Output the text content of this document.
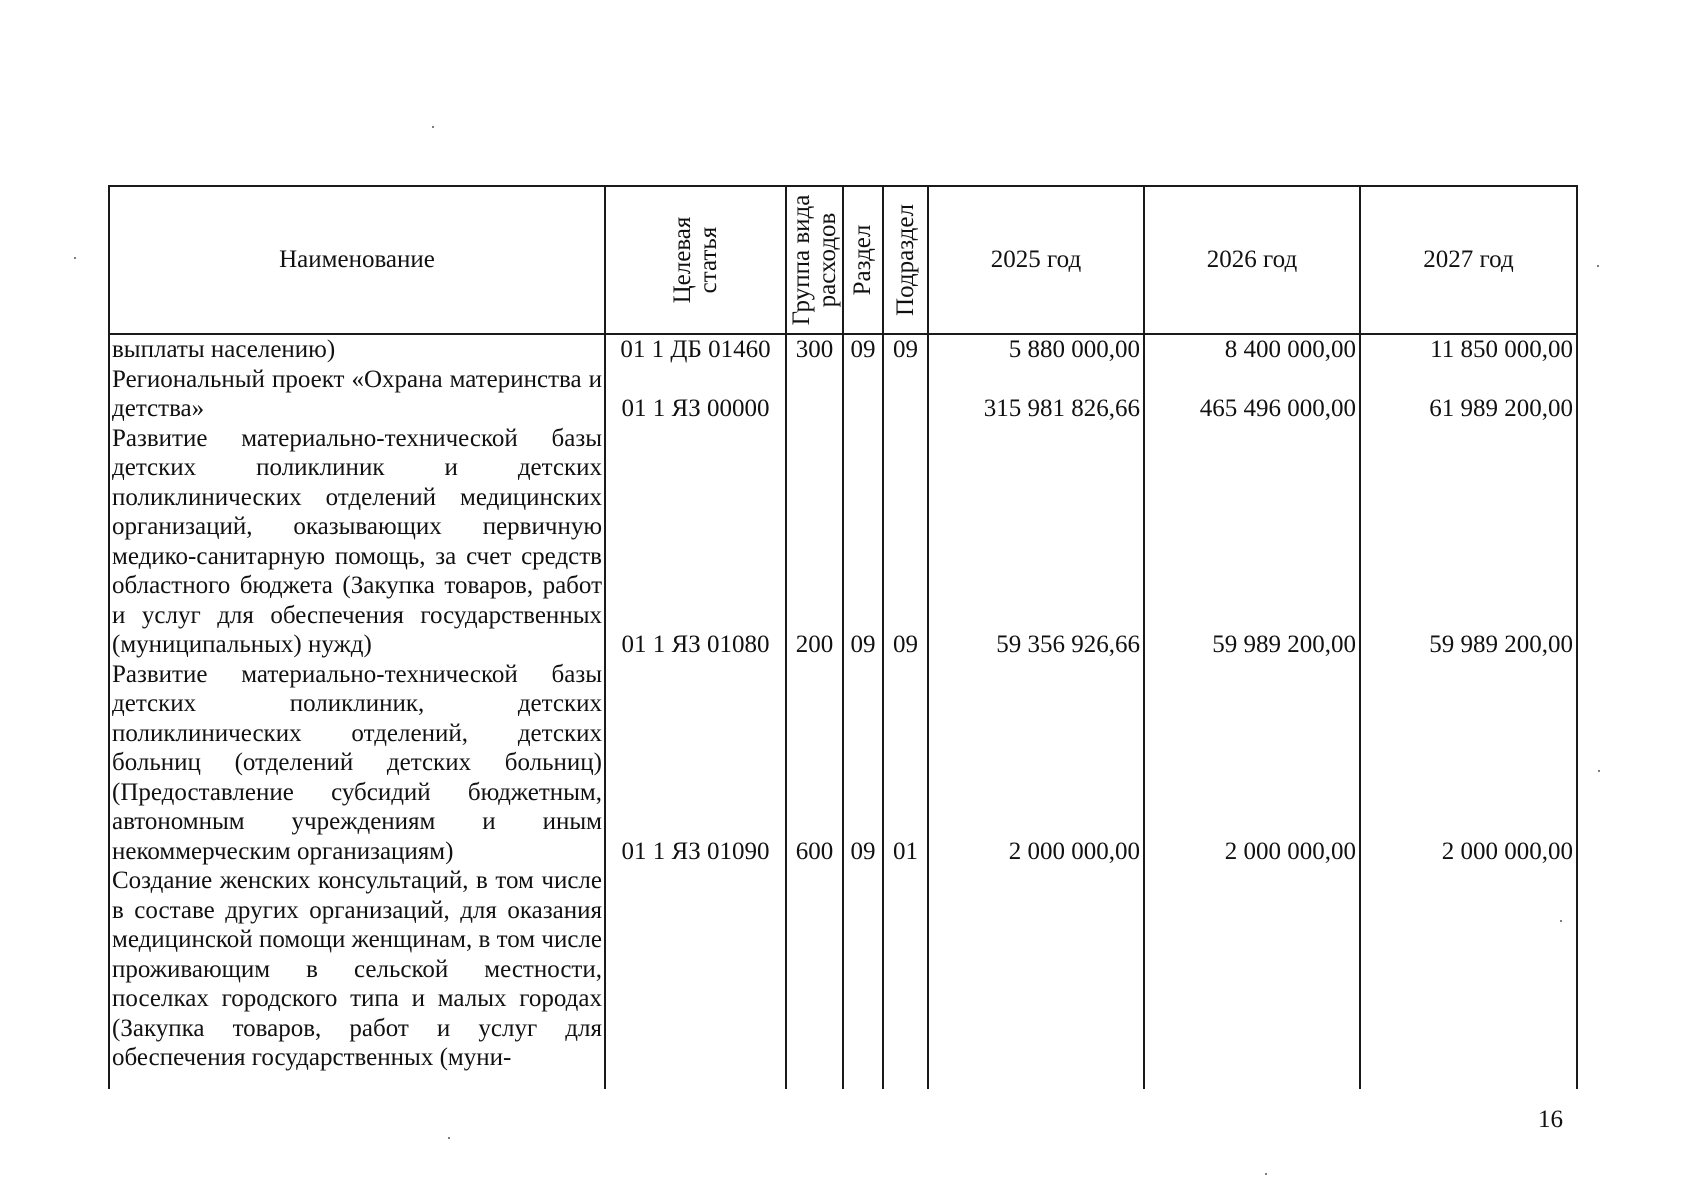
Наименование	Целевая статья	Группа вида расходов	Раздел	Подраздел	2025 год	2026 год	2027 год
выплаты населению)	01 1 ДБ 01460	300	09	09	5 880 000,00	8 400 000,00	11 850 000,00
Региональный проект «Охрана материнства и детства»	01 1 ЯЗ 00000				315 981 826,66	465 496 000,00	61 989 200,00
Развитие материально-технической базы детских поликлиник и детских поликлинических отделений медицинских организаций, оказывающих первичную медико-санитарную помощь, за счет средств областного бюджета (Закупка товаров, работ и услуг для обеспечения государственных (муниципальных) нужд)	01 1 ЯЗ 01080	200	09	09	59 356 926,66	59 989 200,00	59 989 200,00
Развитие материально-технической базы детских поликлиник, детских поликлинических отделений, детских больниц (отделений детских больниц) (Предоставление субсидий бюджетным, автономным учреждениям и иным некоммерческим организациям)	01 1 ЯЗ 01090	600	09	01	2 000 000,00	2 000 000,00	2 000 000,00
Создание женских консультаций, в том числе в составе других организаций, для оказания медицинской помощи женщинам, в том числе проживающим в сельской местности, поселках городского типа и малых городах (Закупка товаров, работ и услуг для обеспечения государственных (муни-							

16
